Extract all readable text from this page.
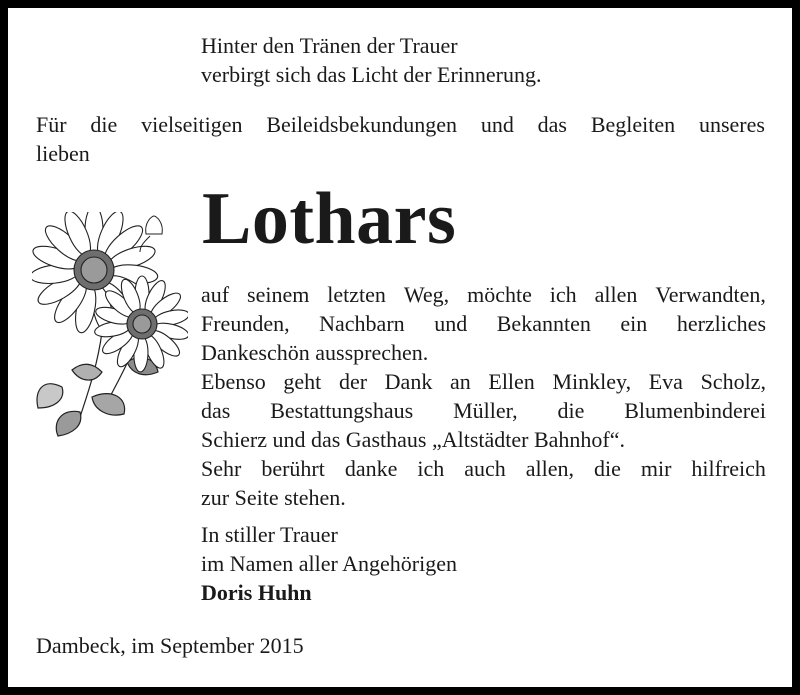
Hinter den Tränen der Trauer
verbirgt sich das Licht der Erinnerung.
Für die vielseitigen Beileidsbekundungen und das Begleiten unseres
lieben
Lothars
auf seinem letzten Weg, möchte ich allen Verwandten,
Freunden, Nachbarn und Bekannten ein herzliches
Dankeschön aussprechen.
Ebenso geht der Dank an Ellen Minkley, Eva Scholz,
das Bestattungshaus Müller, die Blumenbinderei
Schierz und das Gasthaus „Altstädter Bahnhof“.
Sehr berührt danke ich auch allen, die mir hilfreich
zur Seite stehen.
In stiller Trauer
im Namen aller Angehörigen
Doris Huhn
Dambeck, im September 2015
